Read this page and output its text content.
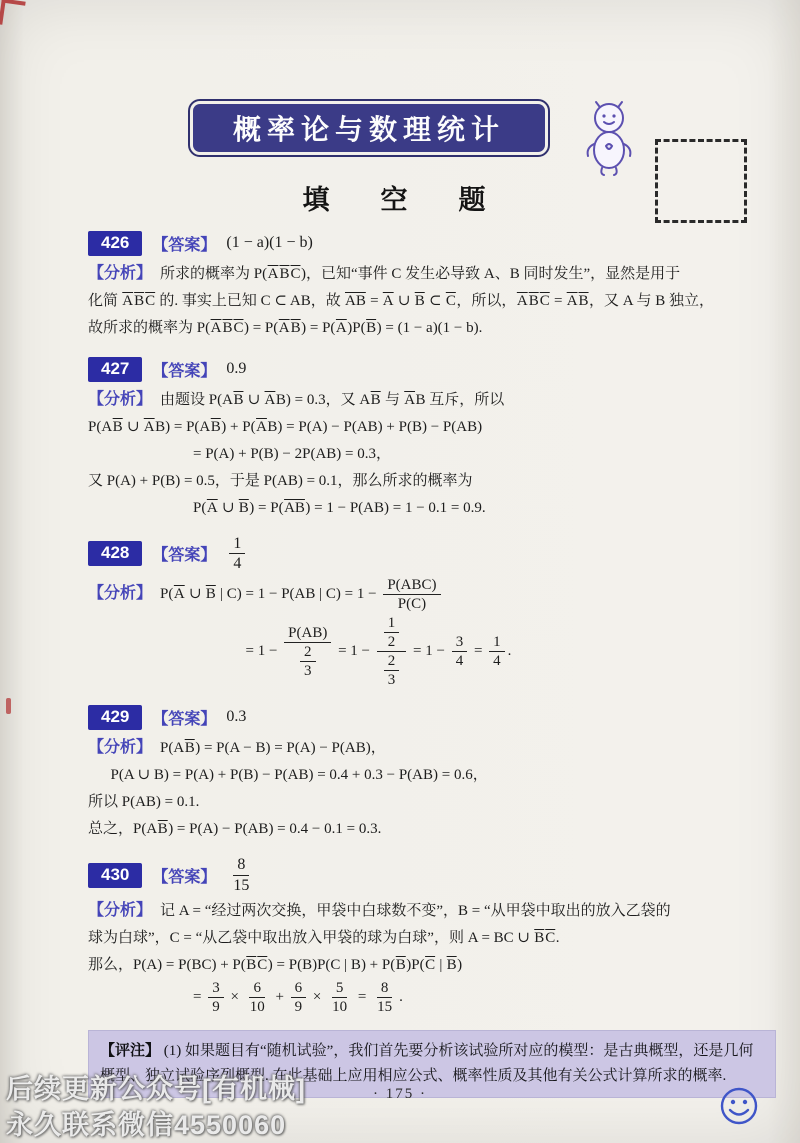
概率论与数理统计
填　空　题
426	【答案】 (1 − a)(1 − b)
【分析】 所求的概率为 $P(\overline{A}\overline{B}\overline{C})$，已知“事件 C 发生必导致 A、B 同时发生”，显然是用于
化简 $\overline{A}\overline{B}\overline{C}$ 的. 事实上已知 C ⊂ AB，故 $\overline{AB} = \overline{A}$ ∪ $\overline{B}$ ⊂ $\overline{C}$，所以，$\overline{A}\overline{B}\overline{C} = \overline{A}\overline{B}$，又 A 与 B 独立，
故所求的概率为 $P(\overline{A}\overline{B}\overline{C}) = P(\overline{A}\overline{B}) = P(\overline{A})P(\overline{B}) = (1 - a)(1 - b)$.
427	【答案】 0.9
【分析】 由题设 $P(A\overline{B}$ ∪ $\overline{A}B) = 0.3$，又 $A\overline{B}$ 与 $\overline{A}B$ 互斥，所以
$P(A\overline{B}$ ∪ $\overline{A}B) = P(A\overline{B}) + P(\overline{A}B) = P(A) - P(AB) + P(B) - P(AB)$
= P(A) + P(B) − 2P(AB) = 0.3，
又 P(A) + P(B) = 0.5，于是 P(AB) = 0.1，那么所求的概率为
$P(\overline{A}$ ∪ $\overline{B}) = P(\overline{AB}) = 1 - P(AB) = 1 - 0.1 = 0.9$.
428	【答案】 $\frac{1}{4}$
【分析】 $P(\overline{A}$ ∪ $\overline{B}$ | C) = 1 − P(AB | $C) = 1 - \frac{\text{P(ABC)}}{P(C)}$
= $1 - \frac{P(AB)}{\frac{2}{3}} = 1 - \frac{\frac{1}{2}}{\frac{2}{3}} = 1 - \frac{3}{4} = \frac{1}{4}$ .
429	【答案】 0.3
【分析】 $P(A\overline{B}) = P(A - B) = P(A) - P(AB)$，
P(A ∪ B) = P(A) + P(B) − P(AB) = 0.4 + 0.3 − P(AB) = 0.6，
所以 P(AB) = 0.1.
总之，$P(A\overline{B}) = P(A) - P(AB) = 0.4 - 0.1 = 0.3$.
430	【答案】 $\frac{8}{15}$
【分析】 记 A = “经过两次交换，甲袋中白球数不变”，B = “从甲袋中取出的放入乙袋的
球为白球”，C = “从乙袋中取出放入甲袋的球为白球”，则 A = BC ∪ $\overline{B}\overline{C}$.
那么，$P(A) = P(BC) + P(\overline{B}\overline{C}) = P(B)P(C$ | $B) + P(\overline{B})P(\overline{C}$ | $\overline{B}$)
= $\frac{3}{9} \times \frac{6}{10} + \frac{6}{9} \times \frac{5}{10} = \frac{8}{15}$ .
【评注】 (1) 如果题目有“随机试验”，我们首先要分析该试验所对应的模型：是古典概型，还是几何概型、独立试验序列概型. 在此基础上应用相应公式、概率性质及其他有关公式计算所求的概率.
· 175 ·
后续更新公众号[有机械]
永久联系微信4550060
